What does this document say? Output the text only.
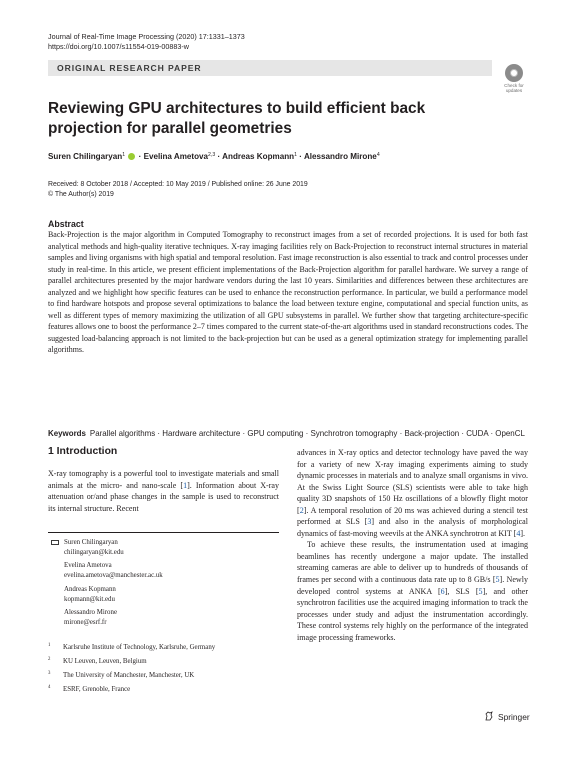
Journal of Real-Time Image Processing (2020) 17:1331–1373
https://doi.org/10.1007/s11554-019-00883-w
ORIGINAL RESEARCH PAPER
Check for updates
Reviewing GPU architectures to build efficient back projection for parallel geometries
Suren Chilingaryan$^1$  · Evelina Ametova$^{2,3}$ · Andreas Kopmann$^1$ · Alessandro Mirone$^4$
Received: 8 October 2018 / Accepted: 10 May 2019 / Published online: 26 June 2019
© The Author(s) 2019
Abstract
Back-Projection is the major algorithm in Computed Tomography to reconstruct images from a set of recorded projections. It is used for both fast analytical methods and high-quality iterative techniques. X-ray imaging facilities rely on Back-Projection to reconstruct internal structures in material samples and living organisms with high spatial and temporal resolution. Fast image reconstruction is also essential to track and control processes under study in real-time. In this article, we present efficient implementations of the Back-Projection algorithm for parallel hardware. We survey a range of parallel architectures presented by the major hardware vendors during the last 10 years. Similarities and differences between these architectures are analyzed and we highlight how specific features can be used to enhance the reconstruction performance. In particular, we build a performance model to find hardware hotspots and propose several optimizations to balance the load between texture engine, computational and special function units, as well as different types of memory maximizing the utilization of all GPU subsystems in parallel. We further show that targeting architecture-specific features allows one to boost the performance 2–7 times compared to the current state-of-the-art algorithms used in standard reconstructions codes. The suggested load-balancing approach is not limited to the back-projection but can be used as a general optimization strategy for implementing parallel algorithms.
Keywords Parallel algorithms · Hardware architecture · GPU computing · Synchrotron tomography · Back-projection · CUDA · OpenCL
1 Introduction
X-ray tomography is a powerful tool to investigate materials and small animals at the micro- and nano-scale [1]. Information about X-ray attenuation or/and phase changes in the sample is used to reconstruct its internal structure. Recent

advances in X-ray optics and detector technology have paved the way for a variety of new X-ray imaging experiments aiming to study dynamic processes in materials and to analyze small organisms in vivo. At the Swiss Light Source (SLS) scientists were able to take high quality 3D snapshots of 150 Hz oscillations of a blowfly flight motor [2]. A temporal resolution of 20 ms was achieved during a stencil test performed at SLS [3] and also in the analysis of morphological dynamics of fast-moving weevils at the ANKA synchrotron at KIT [4].

To achieve these results, the instrumentation used at imaging beamlines has recently undergone a major update. The installed streaming cameras are able to deliver up to hundreds of thousands of frames per second with a continuous data rate up to 8 GB/s [5]. Newly developed control systems at ANKA [6], SLS [5], and other synchrotron facilities use the acquired imaging information to track the processes under study and adjust the instrumentation accordingly. These control systems rely highly on the performance of the integrated image processing frameworks.

Suren Chilingaryan
chilingaryan@kit.edu
Evelina Ametova
evelina.ametova@manchester.ac.uk
Andreas Kopmann
kopmann@kit.edu
Alessandro Mirone
mirone@esrf.fr
1 Karlsruhe Institute of Technology, Karlsruhe, Germany
2 KU Leuven, Leuven, Belgium
3 The University of Manchester, Manchester, UK
4 ESRF, Grenoble, France
Springer
